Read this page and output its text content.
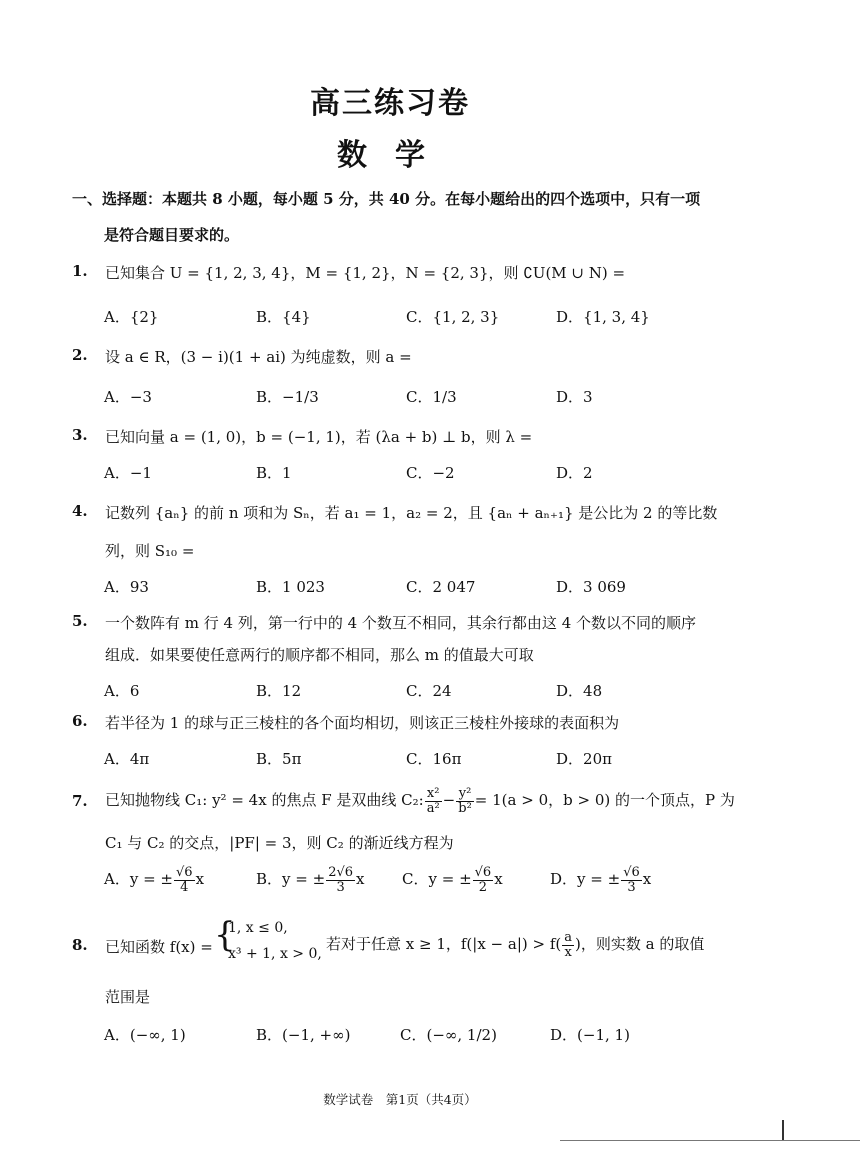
高三练习卷
数学
一、选择题：本题共 8 小题，每小题 5 分，共 40 分。在每小题给出的四个选项中，只有一项
是符合题目要求的。
1. 已知集合 U = {1, 2, 3, 4}，M = {1, 2}，N = {2, 3}，则 ∁U(M ∪ N) =
A．{2}	B．{4}	C．{1, 2, 3}	D．{1, 3, 4}
2. 设 a ∈ R，(3 − i)(1 + ai) 为纯虚数，则 a =
A．−3	B．−1/3	C．1/3	D．3
3. 已知向量 a = (1, 0)，b = (−1, 1)，若 (λa + b) ⊥ b，则 λ =
A．−1	B．1	C．−2	D．2
4. 记数列 {aₙ} 的前 n 项和为 Sₙ，若 a₁ = 1，a₂ = 2，且 {aₙ + aₙ₊₁} 是公比为 2 的等比数
列，则 S₁₀ =
A．93	B．1 023	C．2 047	D．3 069
5. 一个数阵有 m 行 4 列，第一行中的 4 个数互不相同，其余行都由这 4 个数以不同的顺序
组成．如果要使任意两行的顺序都不相同，那么 m 的值最大可取
A．6	B．12	C．24	D．48
6. 若半径为 1 的球与正三棱柱的各个面均相切，则该正三棱柱外接球的表面积为
A．4π	B．5π	C．16π	D．20π
7. 已知抛物线 C₁: y² = 4x 的焦点 F 是双曲线 C₂: $\frac{\text{x²}}{\text{a²}} - \frac{\text{y²}}{\text{b²}} = 1(a > 0$，b > 0) 的一个顶点，P 为
C₁ 与 C₂ 的交点，|PF| = 3，则 C₂ 的渐近线方程为
A．y = ± $\frac{√6}{4}$ x	B．y = ± $\frac{2√6}{3}$ x	C．y = ± $\frac{√6}{2}$ x	D．y = ± $\frac{√6}{3}$ x
8. 已知函数 f(x) = {
1, x ≤ 0,
x³ + 1, x > 0,
若对于任意 x ≥ 1，$f(|x - a|) > f( \frac{a}{x}$ )，则实数 a 的取值
范围是
A．(−∞, 1)	B．(−1, +∞)	C．(−∞, 1/2)	D．(−1, 1)
数学试卷　第1页（共4页）
